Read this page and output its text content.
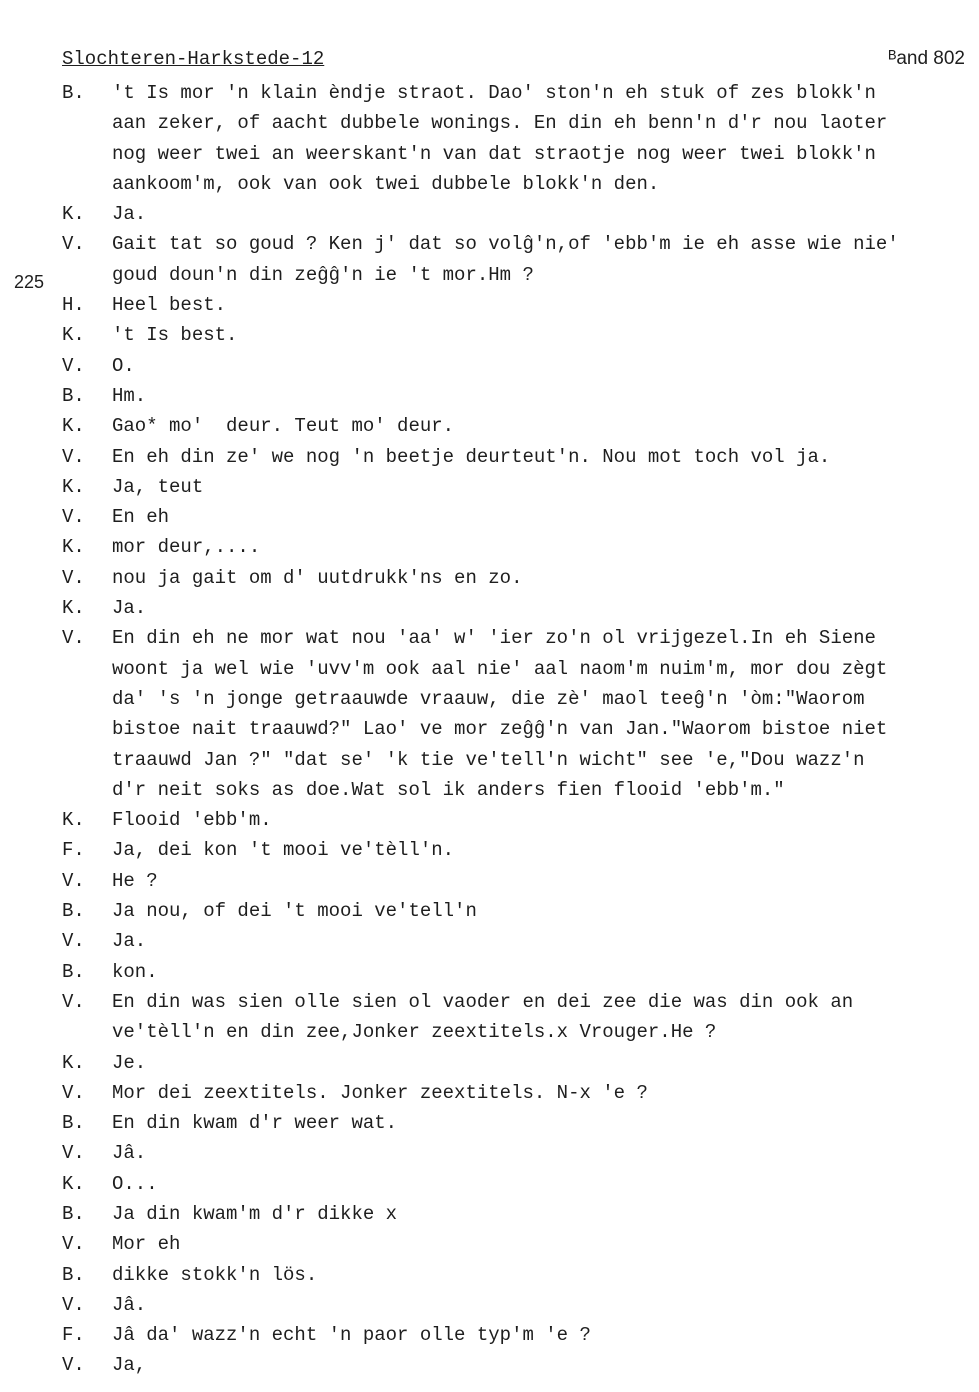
Slochteren-Harkstede-12	ᴮand 802
225
B.	't Is mor 'n klain èndje straot. Dao' ston'n eh stuk of zes blokk'n
aan zeker, of aacht dubbele wonings. En din eh benn'n d'r nou laoter
nog weer twei an weerskant'n van dat straotje nog weer twei blokk'n
aankoom'm, ook van ook twei dubbele blokk'n den.
K.	Ja.
V.	Gait tat so goud ? Ken j' dat so volĝ'n,of 'ebb'm ie eh asse wie nie'
goud doun'n din zeĝĝ'n ie 't mor.Hm ?
H.	Heel best.
K.	't Is best.
V.	O.
B.	Hm.
K.	Gao* mo'  deur. Teut mo' deur.
V.	En eh din ze' we nog 'n beetje deurteut'n. Nou mot toch vol ja.
K.	Ja, teut
V.	En eh
K.	mor deur,....
V.	nou ja gait om d' uutdrukk'ns en zo.
K.	Ja.
V.	En din eh ne mor wat nou 'aa' w' 'ier zo'n ol vrijgezel.In eh Siene
woont ja wel wie 'uvv'm ook aal nie' aal naom'm nuim'm, mor dou zègt
da' 's 'n jonge getraauwde vraauw, die zè' maol teeĝ'n 'òm:"Waorom
bistoe nait traauwd?" Lao' ve mor zeĝĝ'n van Jan."Waorom bistoe niet
traauwd Jan ?" "dat se' 'k tie ve'tell'n wicht" see 'e,"Dou wazz'n
d'r neit soks as doe.Wat sol ik anders fien flooid 'ebb'm."
K.	Flooid 'ebb'm.
F.	Ja, dei kon 't mooi ve'tèll'n.
V.	He ?
B.	Ja nou, of dei 't mooi ve'tell'n
V.	Ja.
B.	kon.
V.	En din was sien olle sien ol vaoder en dei zee die was din ook an
ve'tèll'n en din zee,Jonker zeextitels.x Vrouger.He ?
K.	Je.
V.	Mor dei zeextitels. Jonker zeextitels. N-x 'e ?
B.	En din kwam d'r weer wat.
V.	Jâ.
K.	O...
B.	Ja din kwam'm d'r dikke x
V.	Mor eh
B.	dikke stokk'n lös.
V.	Jâ.
F.	Jâ da' wazz'n echt 'n paor olle typ'm 'e ?
V.	Ja,
